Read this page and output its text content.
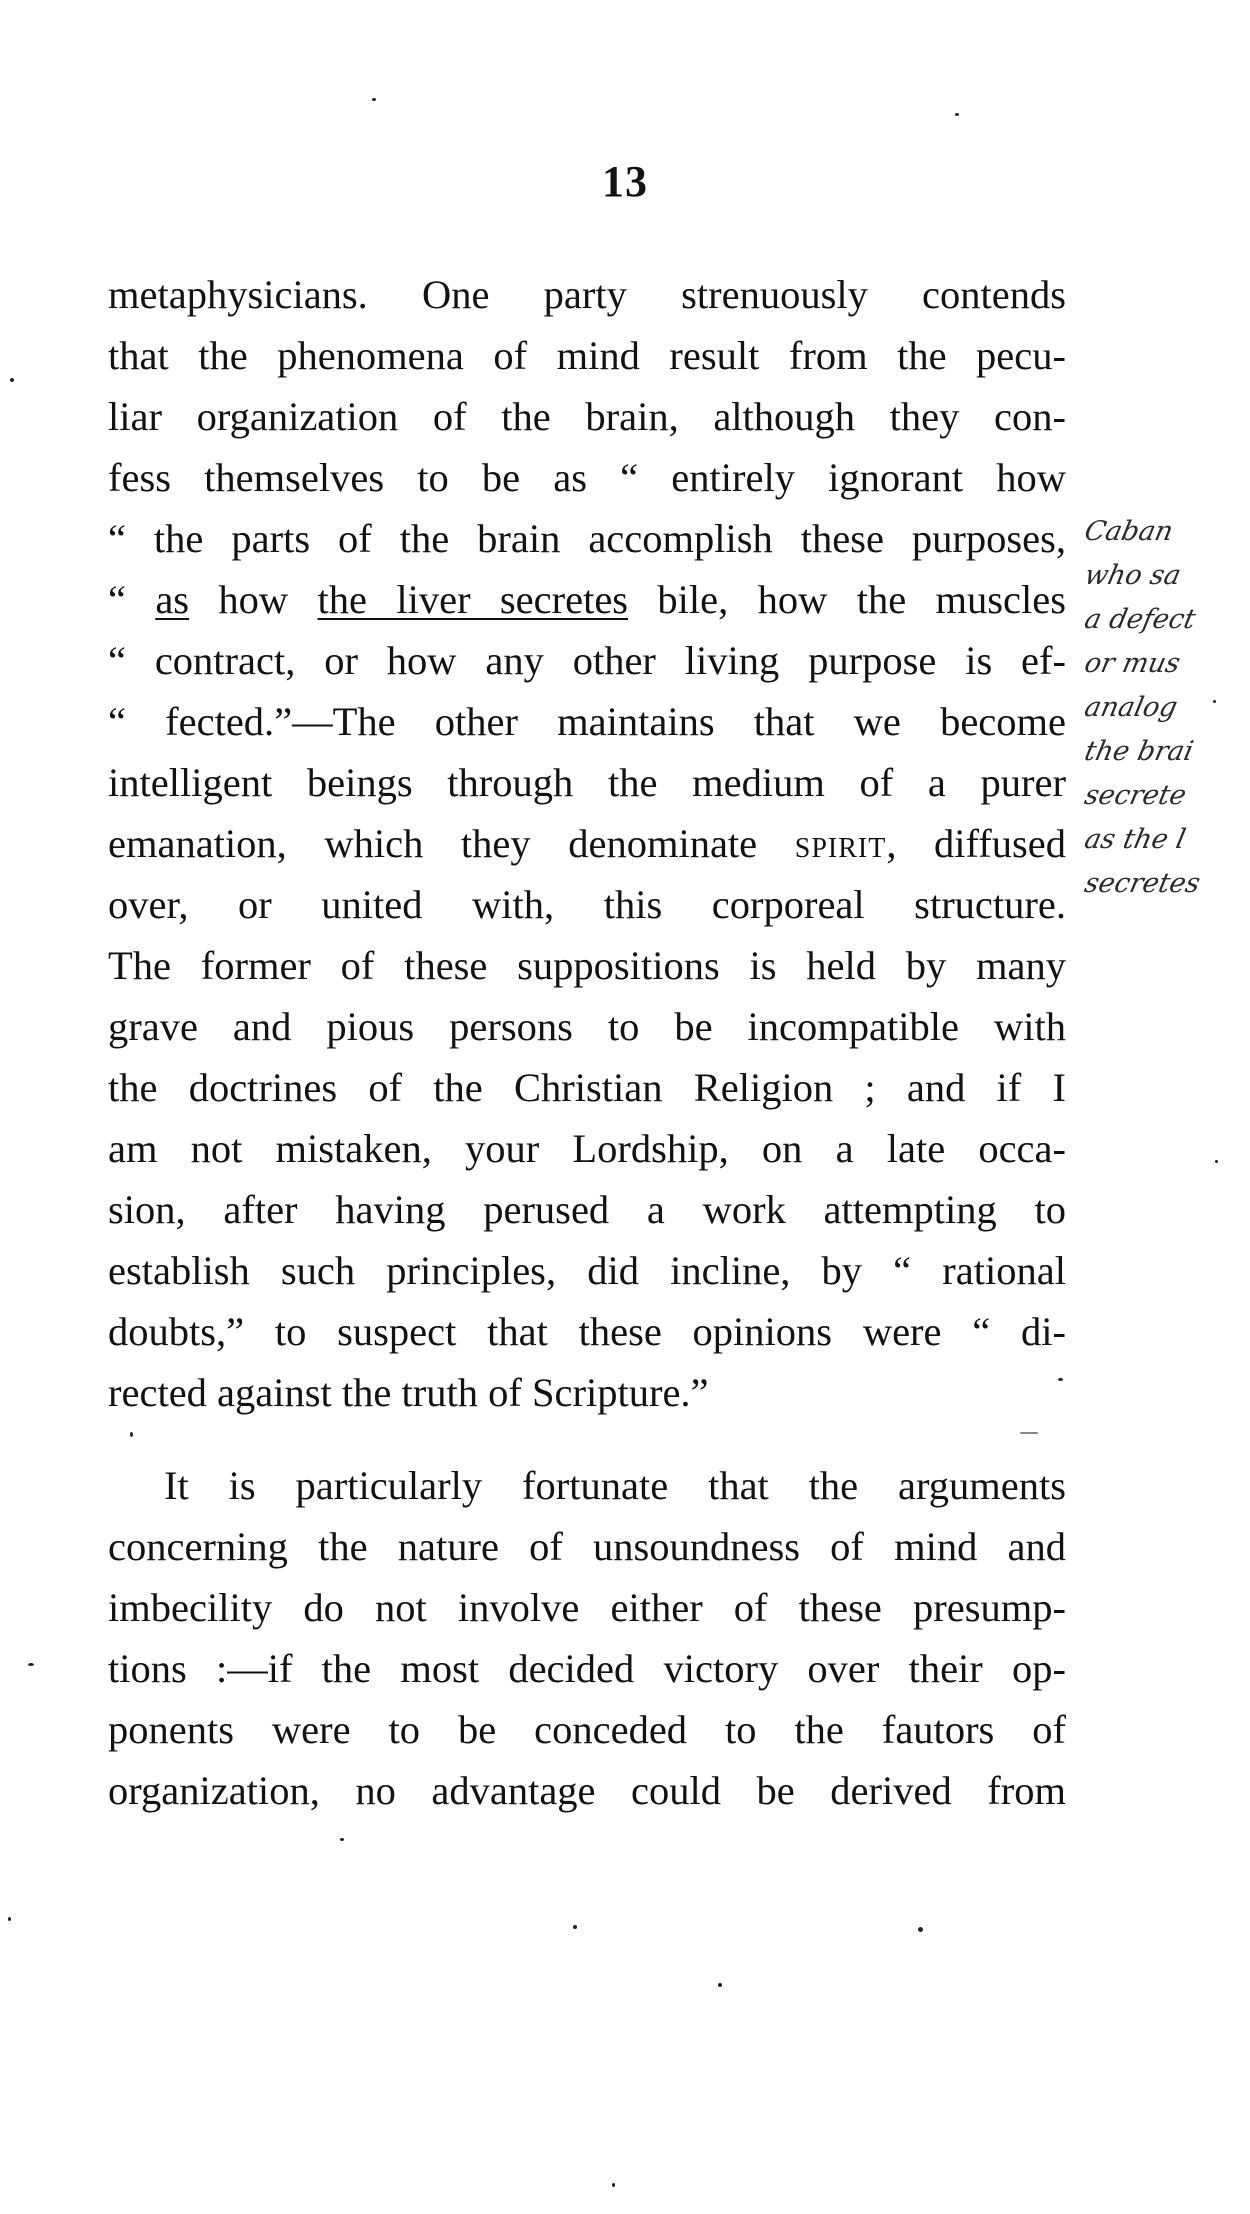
13
metaphysicians. One party strenuously contends
that the phenomena of mind result from the pecu-
liar organization of the brain, although they con-
fess themselves to be as “ entirely ignorant how
“ the parts of the brain accomplish these purposes,
“ as how the liver secretes bile, how the muscles
“ contract, or how any other living purpose is ef-
“ fected.”—The other maintains that we become
intelligent beings through the medium of a purer
emanation, which they denominate spirit, diffused
over, or united with, this corporeal structure.
The former of these suppositions is held by many
grave and pious persons to be incompatible with
the doctrines of the Christian Religion ; and if I
am not mistaken, your Lordship, on a late occa-
sion, after having perused a work attempting to
establish such principles, did incline, by “ rational
doubts,” to suspect that these opinions were “ di-
rected against the truth of Scripture.”
It is particularly fortunate that the arguments
concerning the nature of unsoundness of mind and
imbecility do not involve either of these presump-
tions :—if the most decided victory over their op-
ponents were to be conceded to the fautors of
organization, no advantage could be derived from
Caban
who sa
a defect
or mus
analog
the brai
secrete
as the l
secretes
